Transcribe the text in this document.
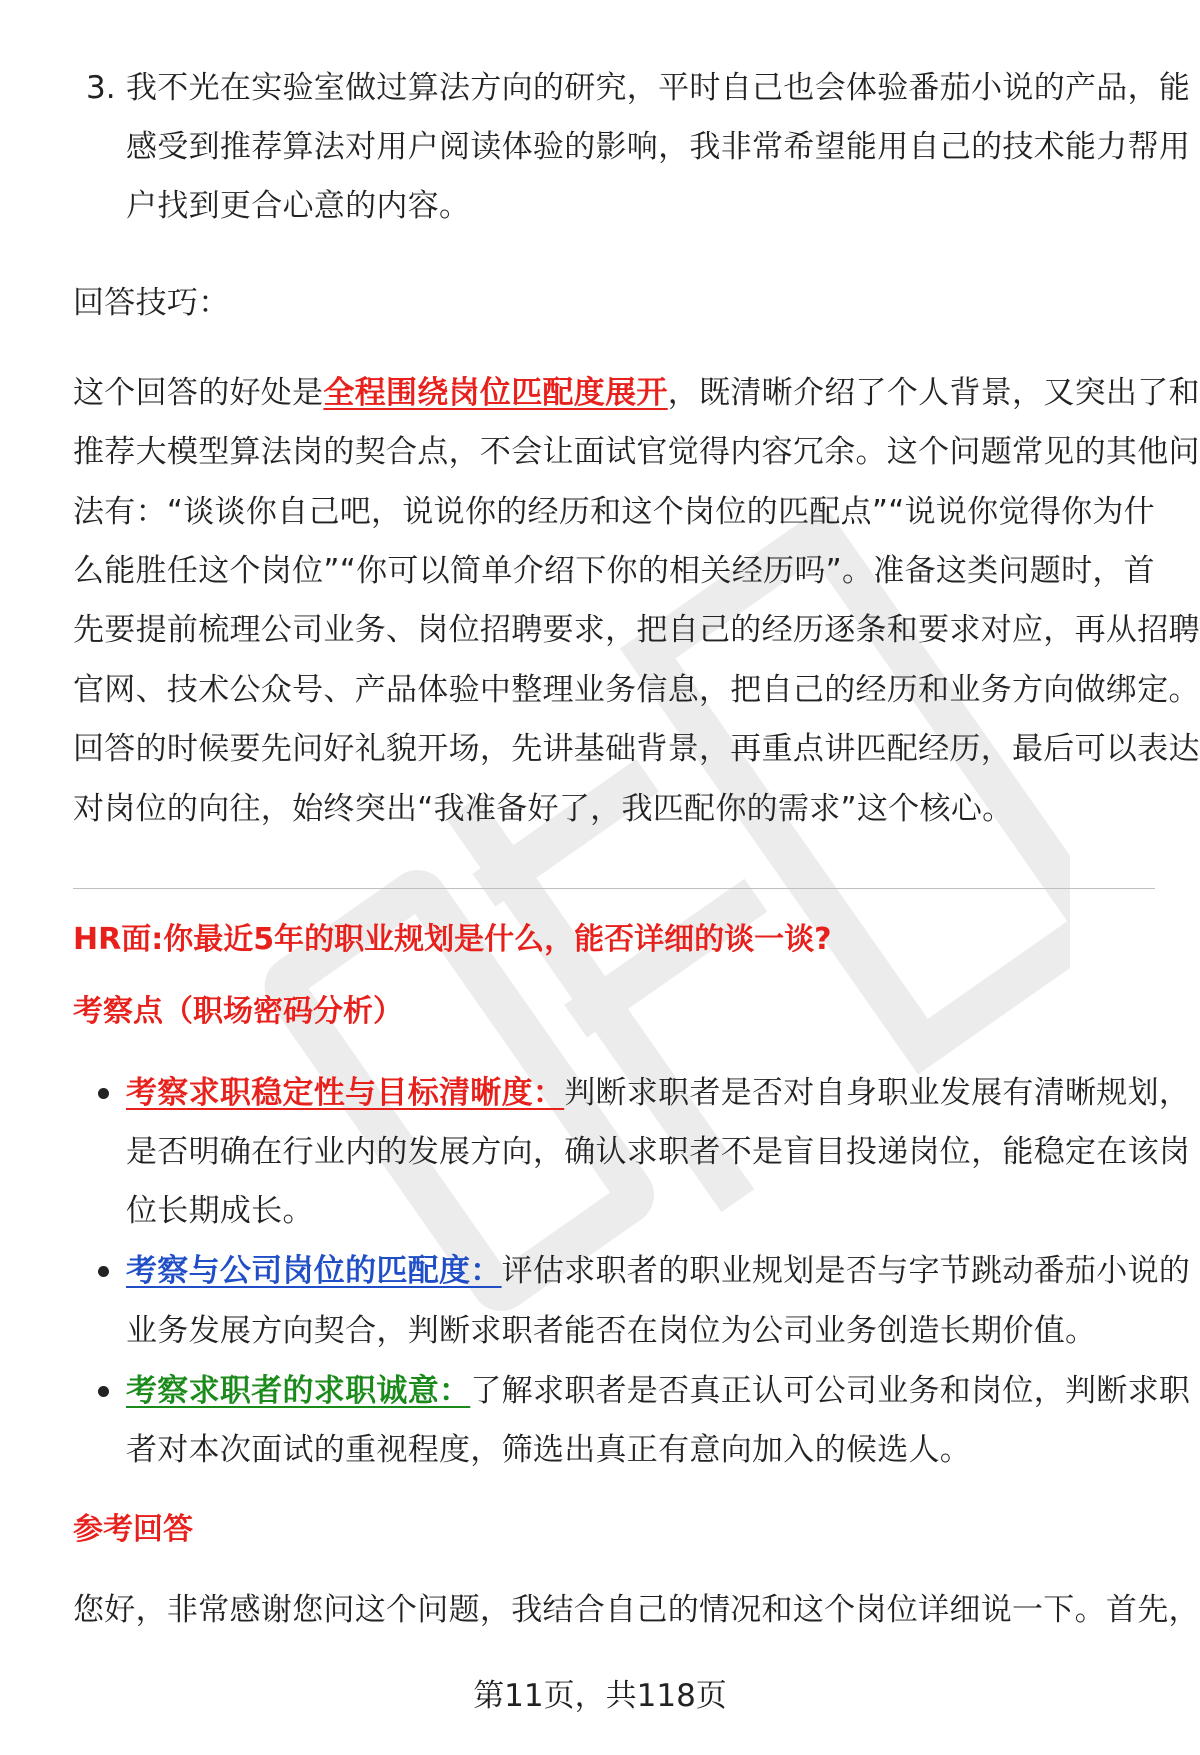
3. 我不光在实验室做过算法方向的研究，平时自己也会体验番茄小说的产品，能
感受到推荐算法对用户阅读体验的影响，我非常希望能用自己的技术能力帮用
户找到更合心意的内容。
回答技巧：
这个回答的好处是全程围绕岗位匹配度展开，既清晰介绍了个人背景，又突出了和
推荐大模型算法岗的契合点，不会让面试官觉得内容冗余。这个问题常见的其他问
法有：“谈谈你自己吧，说说你的经历和这个岗位的匹配点”“说说你觉得你为什
么能胜任这个岗位”“你可以简单介绍下你的相关经历吗”。准备这类问题时，首
先要提前梳理公司业务、岗位招聘要求，把自己的经历逐条和要求对应，再从招聘
官网、技术公众号、产品体验中整理业务信息，把自己的经历和业务方向做绑定。
回答的时候要先问好礼貌开场，先讲基础背景，再重点讲匹配经历，最后可以表达
对岗位的向往，始终突出“我准备好了，我匹配你的需求”这个核心。
HR面:你最近5年的职业规划是什么，能否详细的谈一谈?
考察点（职场密码分析）
考察求职稳定性与目标清晰度：判断求职者是否对自身职业发展有清晰规划，
是否明确在行业内的发展方向，确认求职者不是盲目投递岗位，能稳定在该岗
位长期成长。
考察与公司岗位的匹配度：评估求职者的职业规划是否与字节跳动番茄小说的
业务发展方向契合，判断求职者能否在岗位为公司业务创造长期价值。
考察求职者的求职诚意：了解求职者是否真正认可公司业务和岗位，判断求职
者对本次面试的重视程度，筛选出真正有意向加入的候选人。
参考回答
您好，非常感谢您问这个问题，我结合自己的情况和这个岗位详细说一下。首先，
第11页，共118页
